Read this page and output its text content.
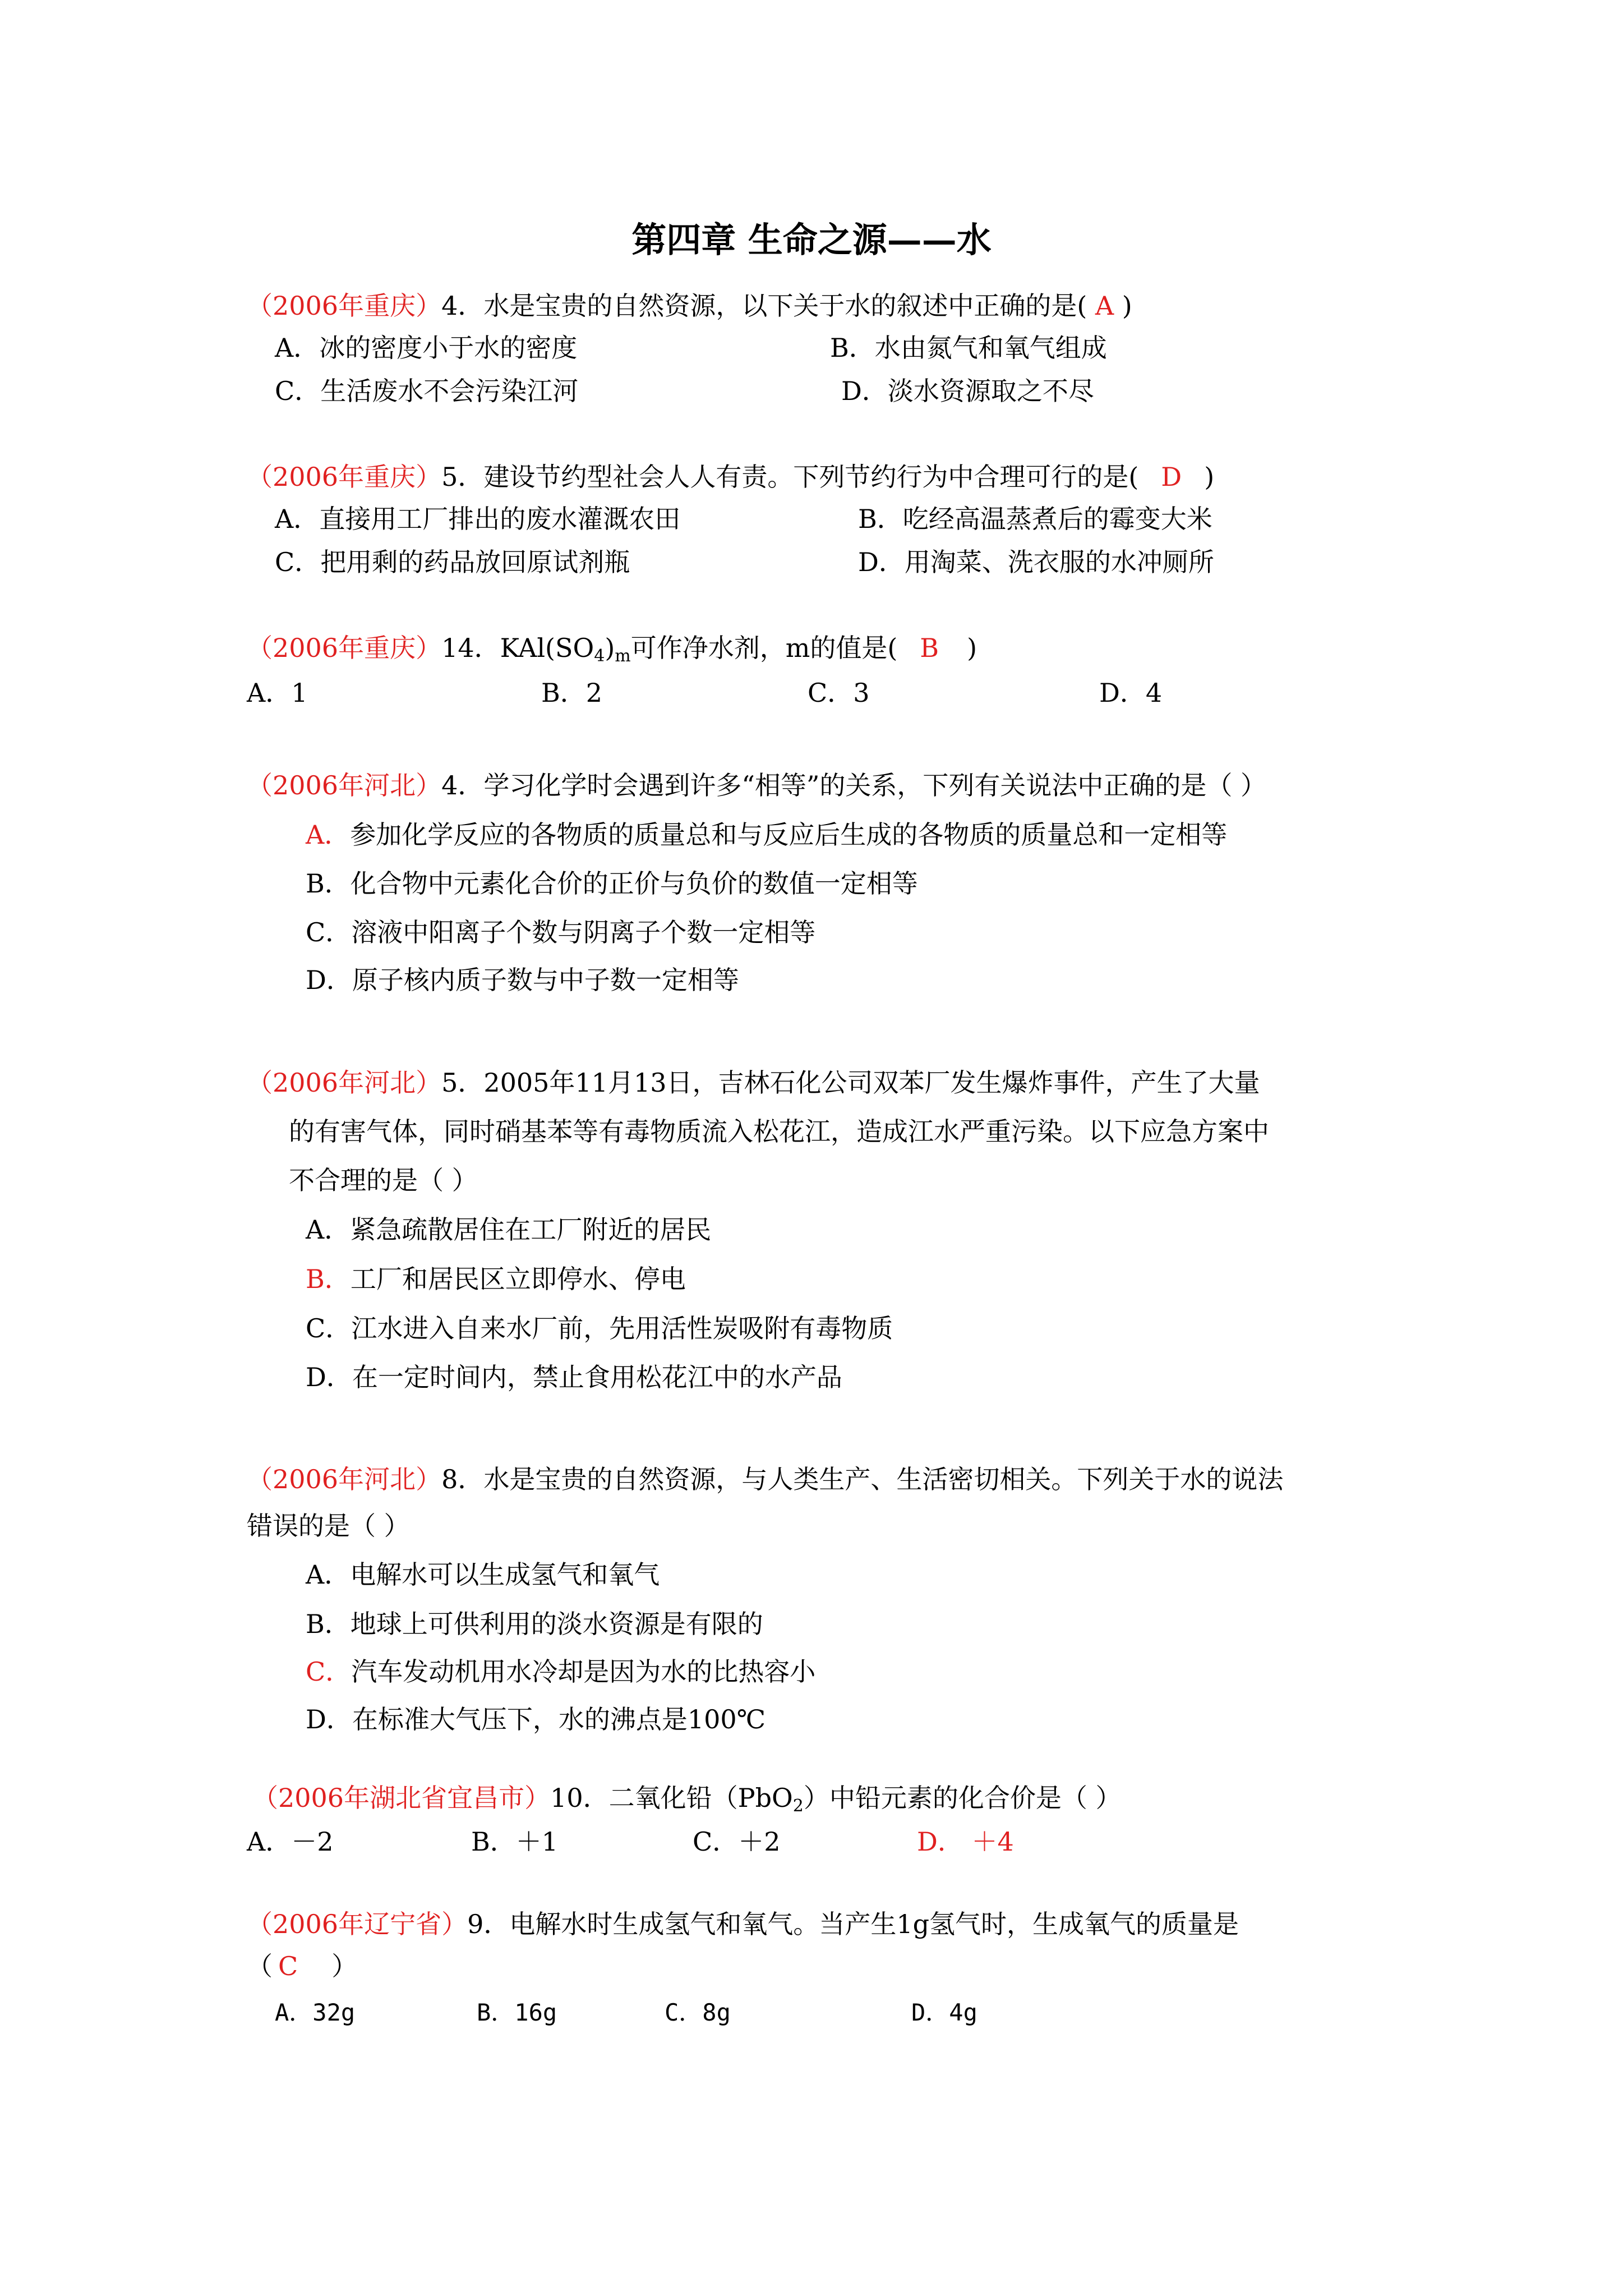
第四章 生命之源——水
（2006年重庆）4．水是宝贵的自然资源，以下关于水的叙述中正确的是( A )
A．冰的密度小于水的密度	B．水由氮气和氧气组成
C．生活废水不会污染江河	D．淡水资源取之不尽
（2006年重庆）5．建设节约型社会人人有责。下列节约行为中合理可行的是( D )
A．直接用工厂排出的废水灌溉农田	B．吃经高温蒸煮后的霉变大米
C．把用剩的药品放回原试剂瓶	D．用淘菜、洗衣服的水冲厕所
（2006年重庆）14．$KAl(SO_4)_m$可作净水剂，m的值是( B )
A．1	B．2	C．3	D．4
（2006年河北）4．学习化学时会遇到许多“相等”的关系，下列有关说法中正确的是（ ）
A．参加化学反应的各物质的质量总和与反应后生成的各物质的质量总和一定相等
B．化合物中元素化合价的正价与负价的数值一定相等
C．溶液中阳离子个数与阴离子个数一定相等
D．原子核内质子数与中子数一定相等
（2006年河北）5．2005年11月13日，吉林石化公司双苯厂发生爆炸事件，产生了大量
的有害气体，同时硝基苯等有毒物质流入松花江，造成江水严重污染。以下应急方案中
不合理的是（ ）
A．紧急疏散居住在工厂附近的居民
B．工厂和居民区立即停水、停电
C．江水进入自来水厂前，先用活性炭吸附有毒物质
D．在一定时间内，禁止食用松花江中的水产品
（2006年河北）8．水是宝贵的自然资源，与人类生产、生活密切相关。下列关于水的说法
错误的是（ ）
A．电解水可以生成氢气和氧气
B．地球上可供利用的淡水资源是有限的
C．汽车发动机用水冷却是因为水的比热容小
D．在标准大气压下，水的沸点是100℃
（2006年湖北省宜昌市）10．二氧化铅（PbO$_2$）中铅元素的化合价是（ ）
A．－2	B．＋1	C．＋2	D． ＋4
（2006年辽宁省）9．电解水时生成氢气和氧气。当产生1g氢气时，生成氧气的质量是
（ C ）
A．32g	B．16g	C．8g	D．4g
